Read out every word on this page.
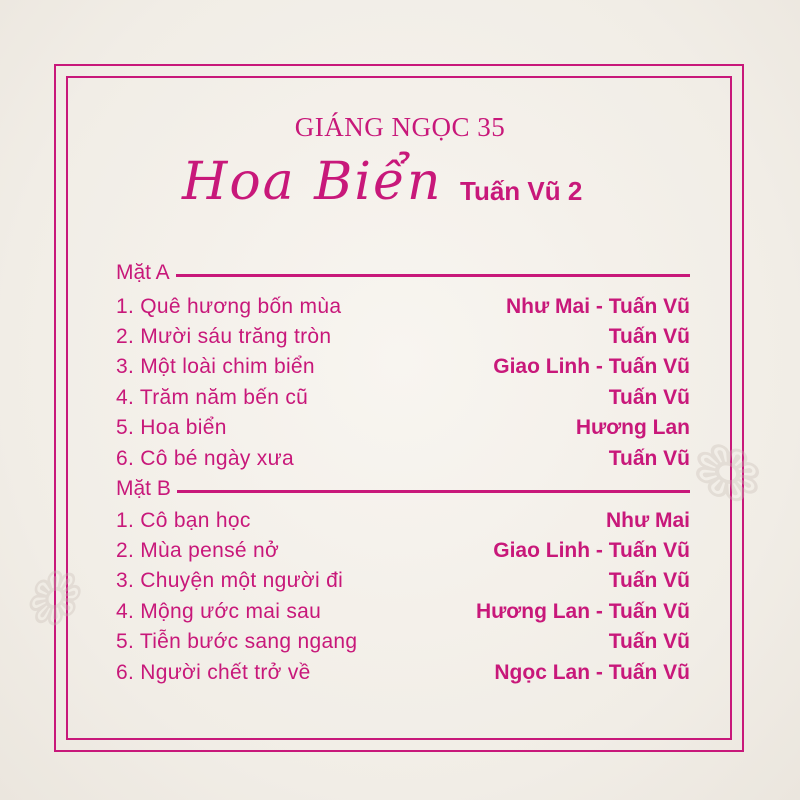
❁
❁
GIÁNG NGỌC 35
Hoa Biển Tuấn Vũ 2
Mặt A
1. Quê hương bốn mùa	Như Mai - Tuấn Vũ
2. Mười sáu trăng tròn	Tuấn Vũ
3. Một loài chim biển	Giao Linh - Tuấn Vũ
4. Trăm năm bến cũ	Tuấn Vũ
5. Hoa biển	Hương Lan
6. Cô bé ngày xưa	Tuấn Vũ
Mặt B
1. Cô bạn học	Như Mai
2. Mùa pensé nở	Giao Linh - Tuấn Vũ
3. Chuyện một người đi	Tuấn Vũ
4. Mộng ước mai sau	Hương Lan - Tuấn Vũ
5. Tiễn bước sang ngang	Tuấn Vũ
6. Người chết trở về	Ngọc Lan - Tuấn Vũ
